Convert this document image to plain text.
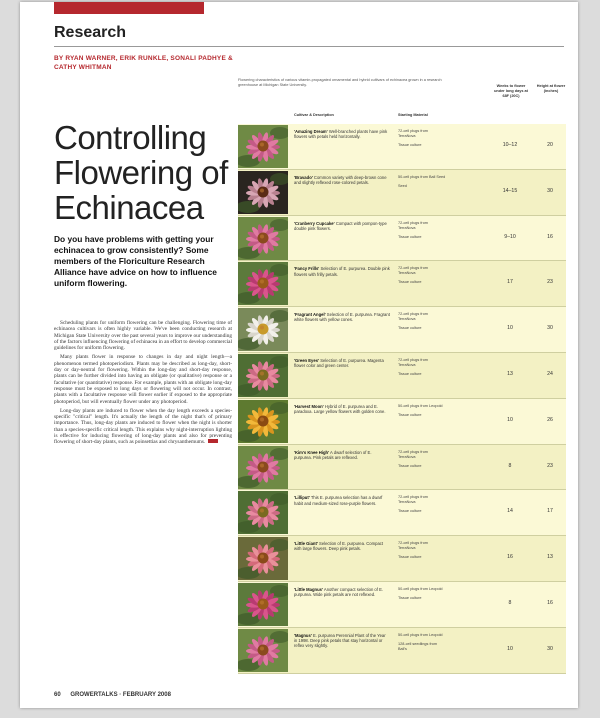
Research
BY RYAN WARNER, ERIK RUNKLE, SONALI PADHYE & CATHY WHITMAN
Flowering characteristics of various vitamin-propagated ornamental and hybrid cultivars of echinacea grown in a research greenhouse at Michigan State University.
Controlling Flowering of Echinacea
Do you have problems with getting your echinacea to grow consistently? Some members of the Floriculture Research Alliance have advice on how to influence uniform flowering.

Scheduling plants for uniform flowering can be challenging. Flowering time of echinacea cultivars is often highly variable. We've been conducting research at Michigan State University over the past several years to improve our understanding of the factors influencing flowering of echinacea in an effort to develop commercial guidelines for uniform flowering.

Many plants flower in response to changes in day and night length—a phenomenon termed photoperiodism. Plants may be described as long-day, short-day or day-neutral for flowering. Within the long-day and short-day response, plants can be further divided into having an obligate (or qualitative) response or a facultative (or quantitative) response. For example, plants with an obligate long-day response must be exposed to long days or flowering will not occur. In contrast, plants with a facultative response will flower earlier if exposed to the appropriate photoperiod, but will eventually flower under any photoperiod.

Long-day plants are induced to flower when the day length exceeds a species-specific "critical" length. It's actually the length of the night that's of primary importance. Thus, long-day plants are induced to flower when the night is shorter than a species-specific critical length. This explains why night-interruption lighting is effective for inducing flowering of long-day plants and also for preventing flowering of short-day plants, such as poinsettias and chrysanthemums.

Cultivar & Description	Starting Material
Weeks to flower under long days at 68F (20C)
Height at flower (inches)
'Amazing Dream' Well-branched plants have pink flowers with petals held horizontally.
72-cell plugs from TerraNova
Tissue culture	10–12	20
'Bravado' Common variety with deep-brown cone and slightly reflexed rose-colored petals.
50-cell plugs from Ball Seed
Seed
14–15	30
'Cranberry Cupcake' Compact with pompon-type double pink flowers.
72-cell plugs from TerraNova
Tissue culture	9–10	16
'Fancy Frills' Selection of E. purpurea. Double pink flowers with frilly petals.
72-cell plugs from TerraNova
Tissue culture	17	23
'Fragrant Angel' Selection of E. purpurea. Fragrant white flowers with yellow cones.
72-cell plugs from TerraNova
Tissue culture	10	30
'Green Eyes' Selection of E. purpurea. Magenta flower color and green center.
72-cell plugs from TerraNova
Tissue culture	13	24
'Harvest Moon' Hybrid of E. purpurea and E. paradoxa. Large yellow flowers with golden cone.
50-cell plugs from Leopold
Tissue culture
10	26
'Kim's Knee High' A dwarf selection of E. purpurea. Pink petals are reflexed.
72-cell plugs from TerraNova
Tissue culture	8	23
'Lilliput' This E. purpurea selection has a dwarf habit and medium-sized rose-purple flowers.
72-cell plugs from TerraNova
Tissue culture	14	17
'Little Giant' Selection of E. purpurea. Compact with large flowers. Deep pink petals.
72-cell plugs from TerraNova
Tissue culture	16	13
'Little Magnus' Another compact selection of E. purpurea. Wide pink petals are not reflexed.
50-cell plugs from Leopold
Tissue culture
8	16
'Magnus' E. purpurea Perennial Plant of the Year in 1998. Deep pink petals that stay horizontal or reflex very slightly.
50-cell plugs from Leopold
128-cell seedlings from Ball's	10	30
60 GROWERTALKS · FEBRUARY 2008
